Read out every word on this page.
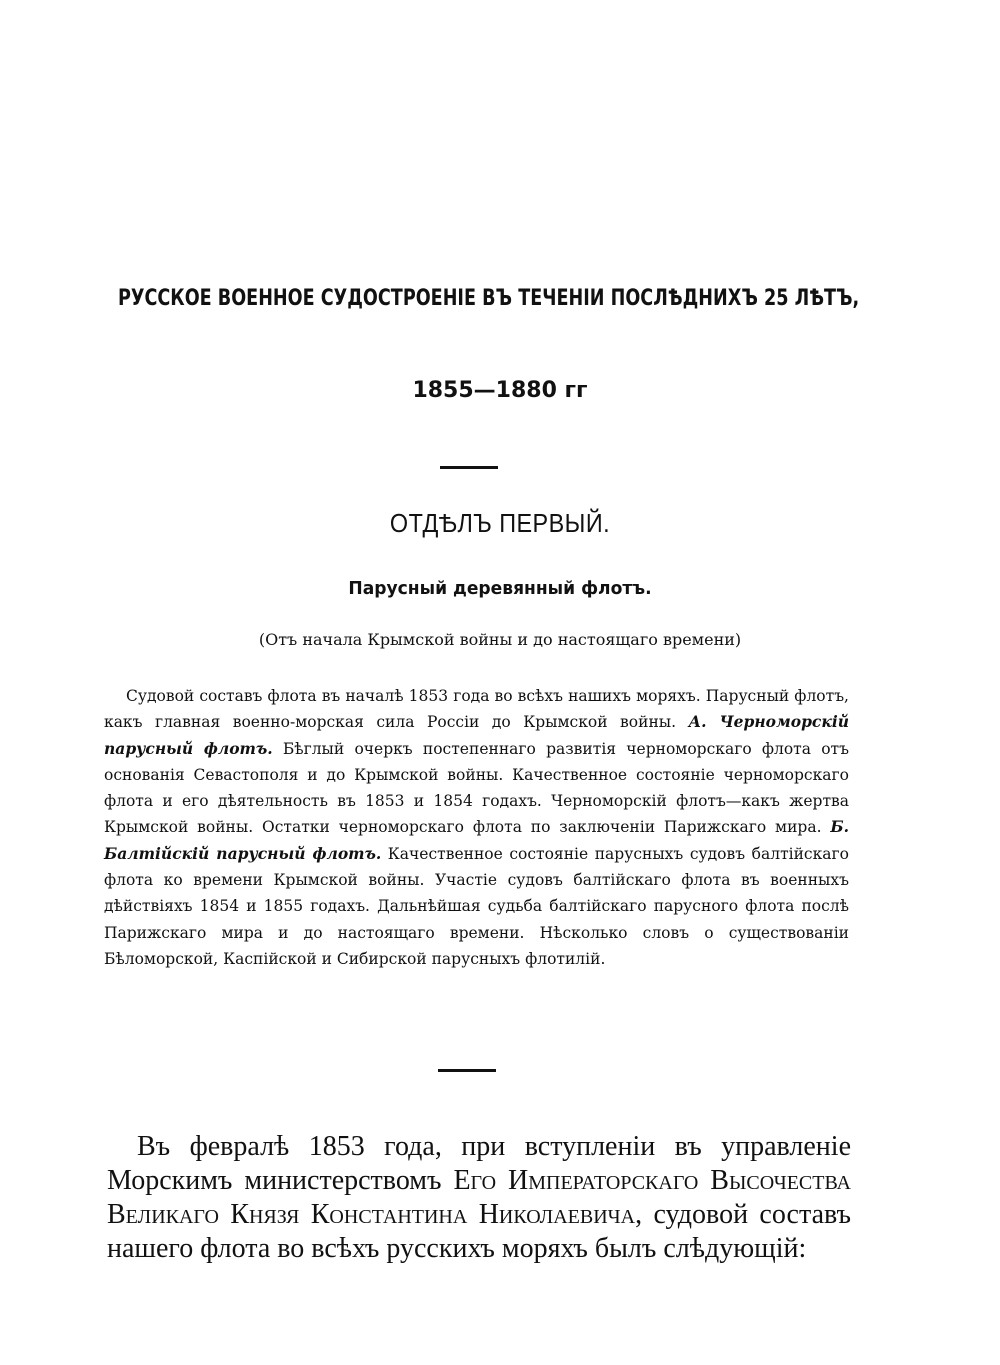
РУССКОЕ ВОЕННОЕ СУДОСТРОЕНІЕ ВЪ ТЕЧЕНІИ ПОСЛѢДНИХЪ 25 ЛѢТЪ,
1855—1880 гг
ОТДѢЛЪ ПЕРВЫЙ.
Парусный деревянный флотъ.
(Отъ начала Крымской войны и до настоящаго времени)
Судовой составъ флота въ началѣ 1853 года во всѣхъ нашихъ моряхъ. Парусный флотъ, какъ главная военно-морская сила Россіи до Крымской войны. А. Черноморскій парусный флотъ. Бѣглый очеркъ постепеннаго развитія черноморскаго флота отъ основанія Севастополя и до Крымской войны. Качественное состояніе черноморскаго флота и его дѣятельность въ 1853 и 1854 годахъ. Черноморскій флотъ—какъ жертва Крымской войны. Остатки черноморскаго флота по заключеніи Парижскаго мира. Б. Балтійскій парусный флотъ. Качественное состояніе парусныхъ судовъ балтійскаго флота ко времени Крымской войны. Участіе судовъ балтійскаго флота въ военныхъ дѣйствіяхъ 1854 и 1855 годахъ. Дальнѣйшая судьба балтійскаго парусного флота послѣ Парижскаго мира и до настоящаго времени. Нѣсколько словъ о существованіи Бѣломорской, Каспійской и Сибирской парусныхъ флотилій.
Въ февралѣ 1853 года, при вступленіи въ управленіе Морскимъ министерствомъ Его Императорскаго Высочества Великаго Князя Константина Николаевича, судовой составъ нашего флота во всѣхъ русскихъ моряхъ былъ слѣдующій:
